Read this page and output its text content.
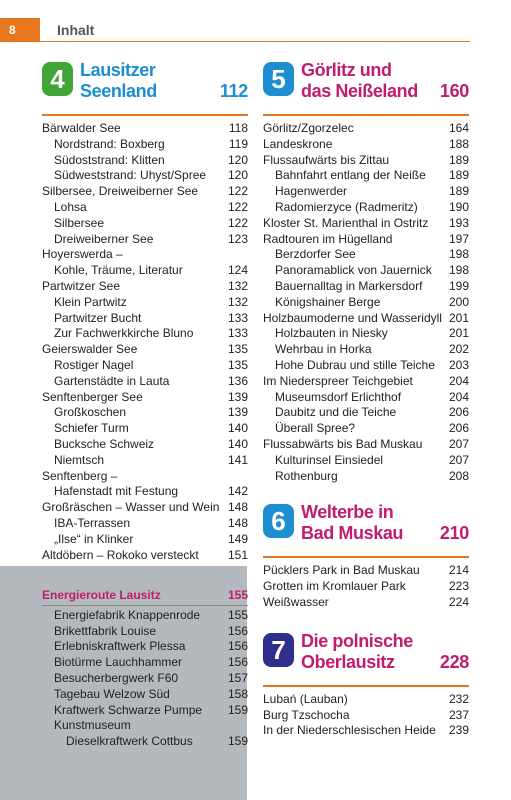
8	Inhalt
4 Lausitzer
Seenland	112
Bärwalder See	118
Nordstrand: Boxberg	119
Südoststrand: Klitten	120
Südweststrand: Uhyst/Spree 120
Silbersee, Dreiweiberner See 122
Lohsa	122
Silbersee	122
Dreiweiberner See	123
Hoyerswerda –
Kohle, Träume, Literatur	124
Partwitzer See	132
Klein Partwitz	132
Partwitzer Bucht	133
Zur Fachwerkkirche Bluno	133
Geierswalder See	135
Rostiger Nagel	135
Gartenstädte in Lauta	136
Senftenberger See	139
Großkoschen	139
Schiefer Turm	140
Bucksche Schweiz	140
Niemtsch	141
Senftenberg –
Hafenstadt mit Festung	142
Großräschen – Wasser und Wein 148
IBA-Terrassen	148
„Ilse“ in Klinker	149
Altdöbern – Rokoko versteckt 151
Energieroute Lausitz	155
Energiefabrik Knappenrode 155
Brikettfabrik Louise	156
Erlebniskraftwerk Plessa	156
Biotürme Lauchhammer	156
Besucherbergwerk F60	157
Tagebau Welzow Süd	158
Kraftwerk Schwarze Pumpe 159
Kunstmuseum
Dieselkraftwerk Cottbus	159
5 Görlitz und
das Neißeland 160
Görlitz/Zgorzelec	164
Landeskrone	188
Flussaufwärts bis Zittau	189
Bahnfahrt entlang der Neiße 189
Hagenwerder	189
Radomierzyce (Radmeritz)	190
Kloster St. Marienthal in Ostritz 193
Radtouren im Hügelland	197
Berzdorfer See	198
Panoramablick von Jauernick 198
Bauernalltag in Markersdorf 199
Königshainer Berge	200
Holzbaumoderne und Wasseridyll 201
Holzbauten in Niesky	201
Wehrbau in Horka	202
Hohe Dubrau und stille Teiche 203
Im Niederspreer Teichgebiet	204
Museumsdorf Erlichthof	204
Daubitz und die Teiche	206
Überall Spree?	206
Flussabwärts bis Bad Muskau 207
Kulturinsel Einsiedel	207
Rothenburg	208
6 Welterbe in
Bad Muskau 210
Pücklers Park in Bad Muskau 214
Grotten im Kromlauer Park	223
Weißwasser	224
7 Die polnische
Oberlausitz	228
Lubań (Lauban)	232
Burg Tzschocha	237
In der Niederschlesischen Heide 239
